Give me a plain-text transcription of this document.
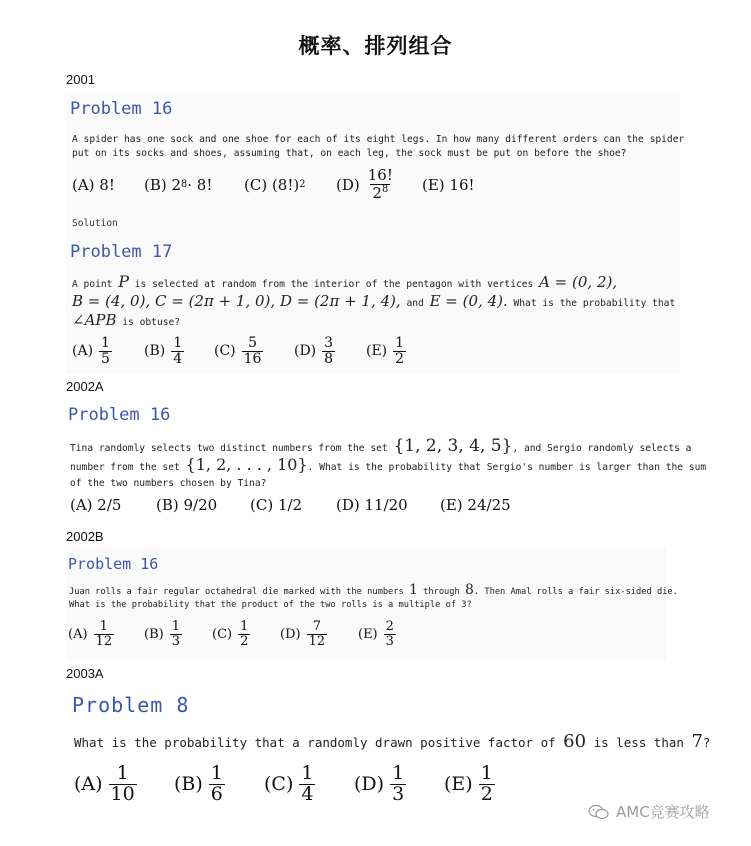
概率、排列组合
2001
Problem 16
A spider has one sock and one shoe for each of its eight legs. In how many different orders can the spider
put on its socks and shoes, assuming that, on each leg, the sock must be put on before the shoe?
(A) 8! (B) 2 8 · 8! (C) (8!) 2 $(D) \frac{16!}{2^8} (E)$ 16!
Solution
Problem 17
A point P is selected at random from the interior of the pentagon with vertices A = (0, 2),
B = (4, 0), C = (2π + 1, 0), D = (2π + 1, 4), and E = (0, 4). What is the probability that
∠APB is obtuse?
$(A) \frac{1}{5} (B) \frac{1}{4} (C) \frac{5}{16} (D) \frac{3}{8} (E) \frac{1}{2}$
2002A
Problem 16
Tina randomly selects two distinct numbers from the set {1, 2, 3, 4, 5}, and Sergio randomly selects a
number from the set {1, 2, . . . , 10}. What is the probability that Sergio's number is larger than the sum
of the two numbers chosen by Tina?
(A) 2/5	(B) 9/20	(C) 1/2	(D) 11/20	(E) 24/25
2002B
Problem 16
Juan rolls a fair regular octahedral die marked with the numbers 1 through 8. Then Amal rolls a fair six-sided die.
What is the probability that the product of the two rolls is a multiple of 3?
$(A) \frac{1}{12} (B) \frac{1}{3} (C) \frac{1}{2} (D) \frac{7}{12} (E) \frac{2}{3}$
2003A
Problem 8
What is the probability that a randomly drawn positive factor of 60 is less than 7?
$(A) \frac{1}{10} (B) \frac{1}{6} (C) \frac{1}{4} (D) \frac{1}{3} (E) \frac{1}{2}$
AMC竞赛攻略
